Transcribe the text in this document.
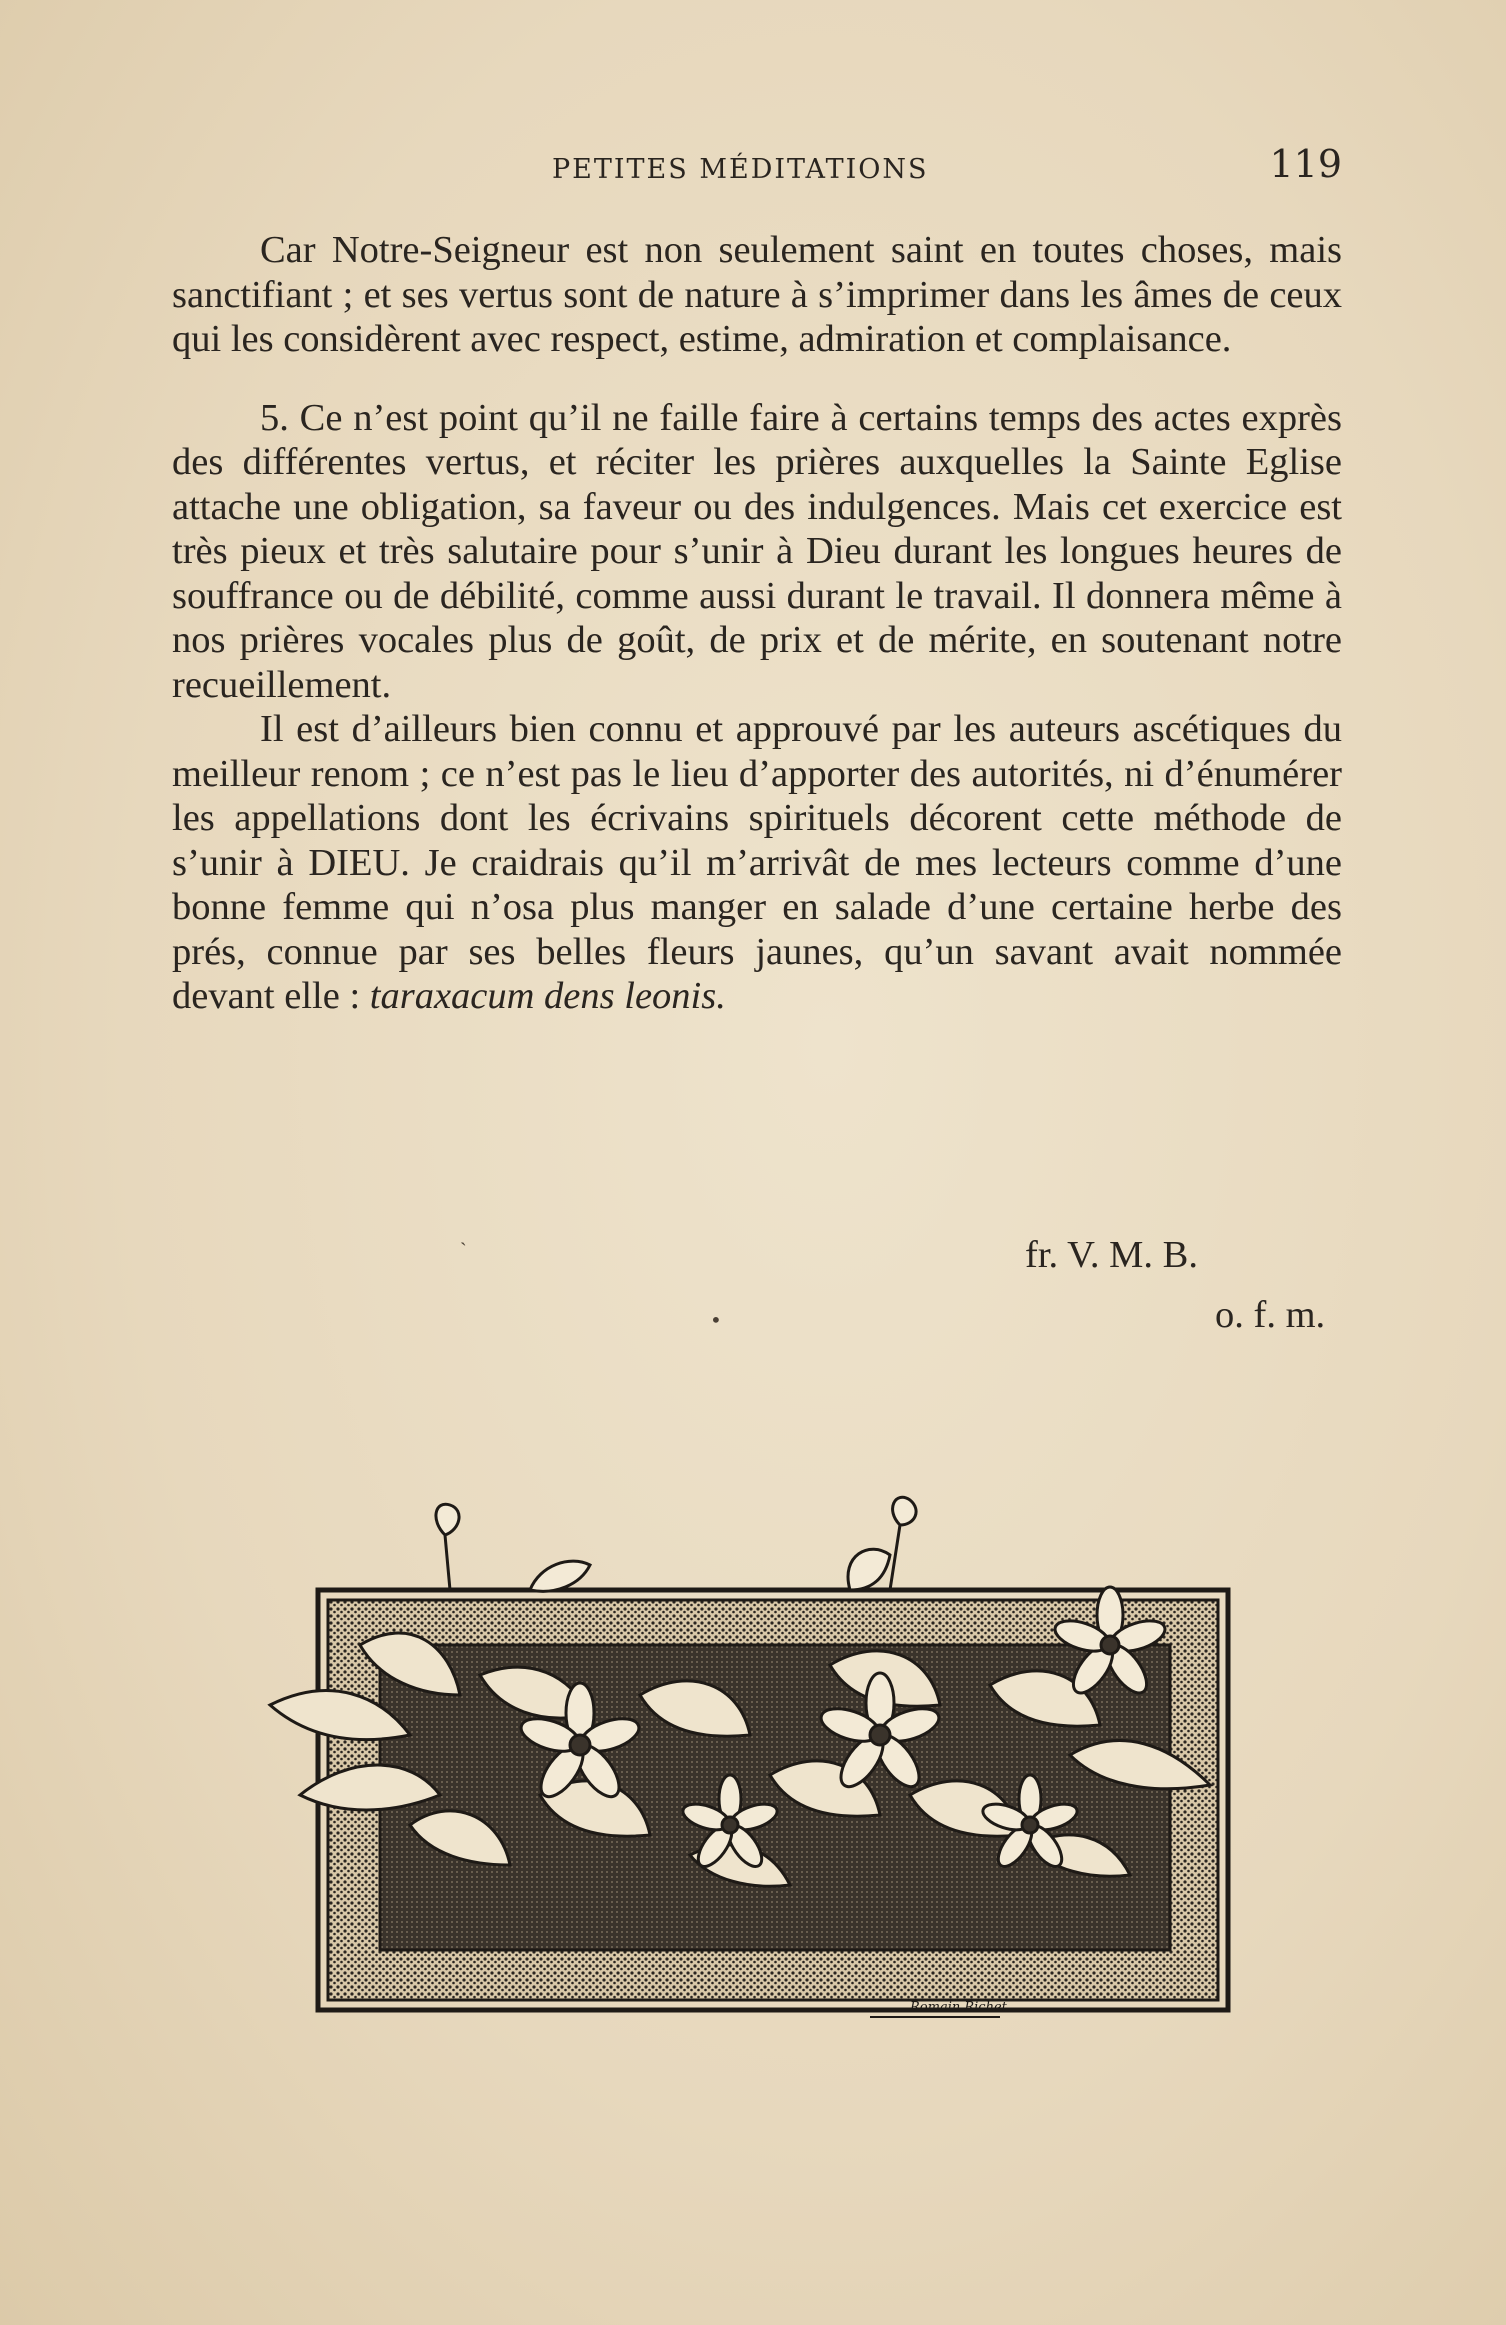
PETITES MÉDITATIONS	119

Car Notre-Seigneur est non seulement saint en toutes choses, mais sanctifiant ; et ses vertus sont de nature à s’imprimer dans les âmes de ceux qui les considèrent avec respect, estime, admiration et complaisance.

5. Ce n’est point qu’il ne faille faire à certains temps des actes exprès des différentes vertus, et réciter les prières auxquelles la Sainte Eglise attache une obligation, sa faveur ou des indulgences. Mais cet exercice est très pieux et très salutaire pour s’unir à Dieu durant les longues heures de souffrance ou de débilité, comme aussi durant le travail. Il donnera même à nos prières vocales plus de goût, de prix et de mérite, en soutenant notre recueillement.

Il est d’ailleurs bien connu et approuvé par les auteurs ascétiques du meilleur renom ; ce n’est pas le lieu d’apporter des autorités, ni d’énumérer les appellations dont les écrivains spirituels décorent cette méthode de s’unir à DIEU. Je craidrais qu’il m’arrivât de mes lecteurs comme d’une bonne femme qui n’osa plus manger en salade d’une certaine herbe des prés, connue par ses belles fleurs jaunes, qu’un savant avait nommée devant elle : taraxacum dens leonis.

fr. V. M. B.
o. f. m.
•
ˏ
Romain Richet
